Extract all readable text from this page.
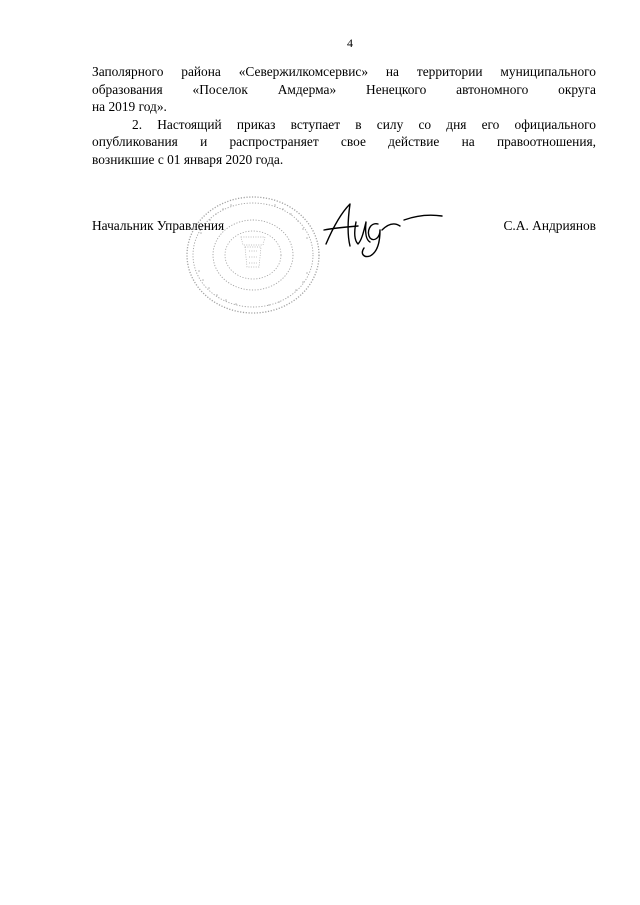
4

Заполярного района «Севержилкомсервис» на территории муниципального
образования «Поселок Амдерма» Ненецкого автономного округа
на 2019 год».

2. Настоящий приказ вступает в силу со дня его официального
опубликования и распространяет свое действие на правоотношения,
возникшие с 01 января 2020 года.

Начальник Управления	С.А. Андриянов
